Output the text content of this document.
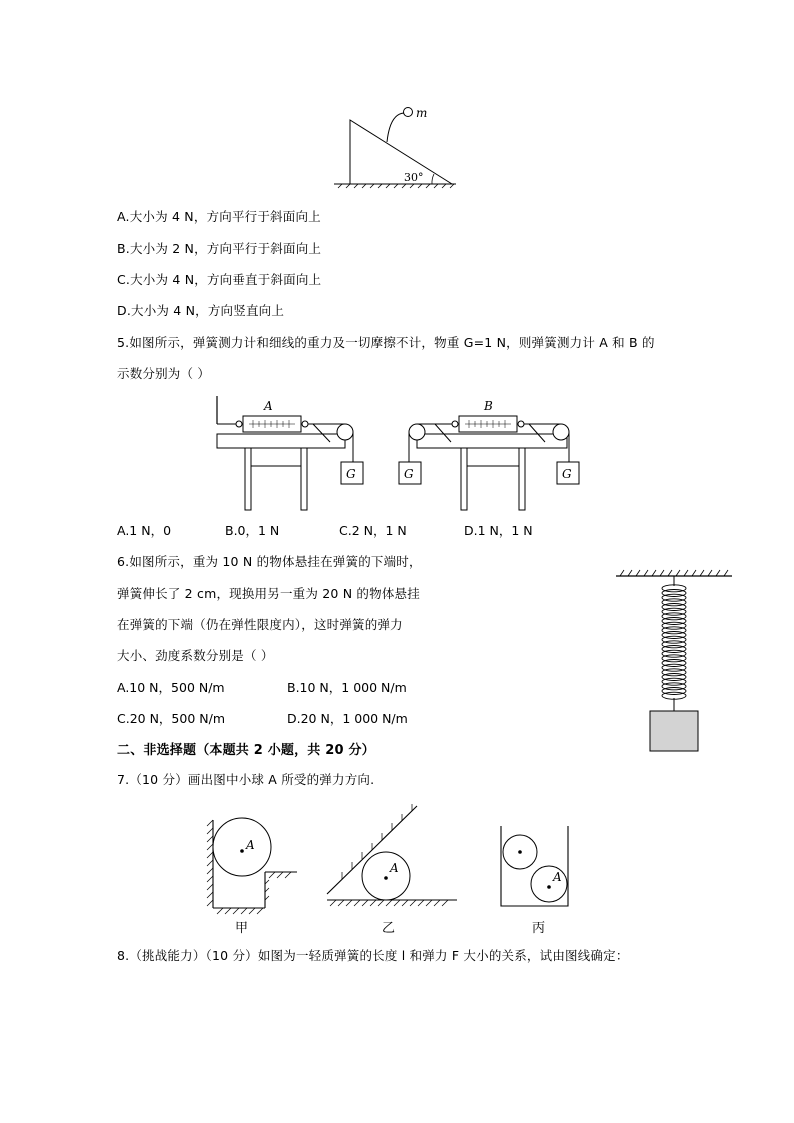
m
30°
A.大小为 4 N，方向平行于斜面向上
B.大小为 2 N，方向平行于斜面向上
C.大小为 4 N，方向垂直于斜面向上
D.大小为 4 N，方向竖直向上
5.如图所示，弹簧测力计和细线的重力及一切摩擦不计，物重 G=1 N，则弹簧测力计 A 和 B 的
示数分别为（ ）
A
G	G
B
G
A.1 N，0	B.0，1 N	C.2 N，1 N	D.1 N，1 N
6.如图所示，重为 10 N 的物体悬挂在弹簧的下端时，
弹簧伸长了 2 cm，现换用另一重为 20 N 的物体悬挂
在弹簧的下端（仍在弹性限度内），这时弹簧的弹力
大小、劲度系数分别是（ ）
A.10 N，500 N/m	B.10 N，1 000 N/m
C.20 N，500 N/m	D.20 N，1 000 N/m
二、非选择题（本题共 2 小题，共 20 分）
7.（10 分）画出图中小球 A 所受的弹力方向.
A
甲
A
乙
A
丙
8.（挑战能力）（10 分）如图为一轻质弹簧的长度 l 和弹力 F 大小的关系，试由图线确定：
